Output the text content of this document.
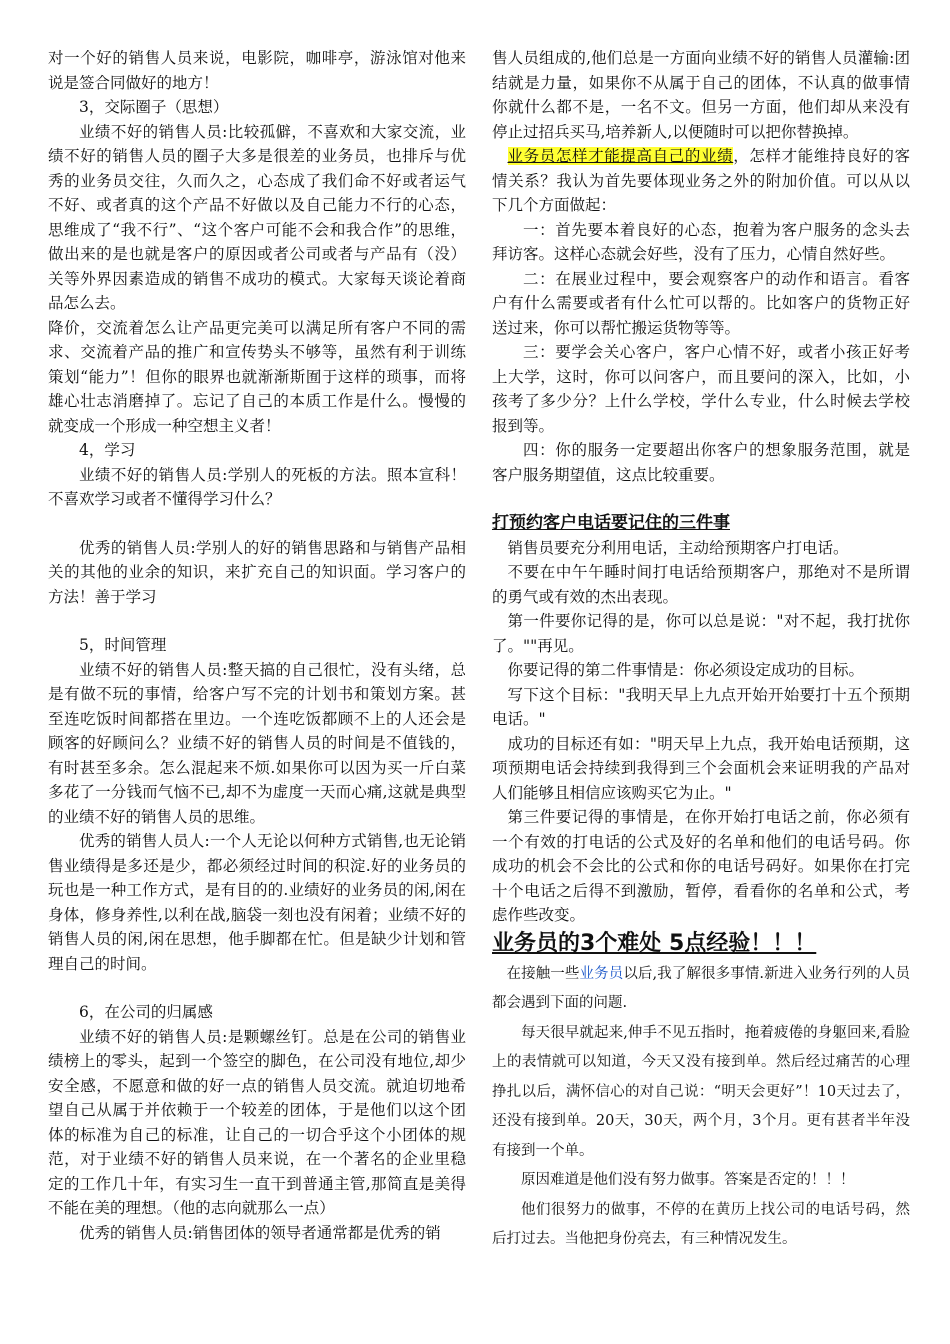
对一个好的销售人员来说，电影院，咖啡亭，游泳馆对他来说是签合同做好的地方！

3，交际圈子（思想）

业绩不好的销售人员:比较孤僻，不喜欢和大家交流，业绩不好的销售人员的圈子大多是很差的业务员，也排斥与优秀的业务员交往，久而久之，心态成了我们命不好或者运气不好、或者真的这个产品不好做以及自己能力不行的心态，思维成了“我不行”、“这个客户可能不会和我合作”的思维，做出来的是也就是客户的原因或者公司或者与产品有（没）关等外界因素造成的销售不成功的模式。大家每天谈论着商品怎么去。

降价，交流着怎么让产品更完美可以满足所有客户不同的需求、交流着产品的推广和宣传势头不够等，虽然有利于训练策划“能力”！但你的眼界也就渐渐斯囿于这样的琐事，而将雄心壮志消磨掉了。忘记了自己的本质工作是什么。慢慢的就变成一个形成一种空想主义者！

4，学习

业绩不好的销售人员:学别人的死板的方法。照本宣科！不喜欢学习或者不懂得学习什么？

优秀的销售人员:学别人的好的销售思路和与销售产品相 关的其他的业余的知识，来扩充自己的知识面。学习客户的方法！善于学习

5，时间管理

业绩不好的销售人员:整天搞的自己很忙，没有头绪，总是有做不玩的事情，给客户写不完的计划书和策划方案。甚至连吃饭时间都搭在里边。一个连吃饭都顾不上的人还会是顾客的好顾问么？业绩不好的销售人员的时间是不值钱的，有时甚至多余。怎么混起来不烦.如果你可以因为买一斤白菜多花了一分钱而气恼不已,却不为虚度一天而心痛,这就是典型的业绩不好的销售人员的思维。

优秀的销售人员人:一个人无论以何种方式销售,也无论销售业绩得是多还是少，都必须经过时间的积淀.好的业务员的玩也是一种工作方式，是有目的的.业绩好的业务员的闲,闲在身体，修身养性,以利在战,脑袋一刻也没有闲着；业绩不好的销售人员的闲,闲在思想，他手脚都在忙。但是缺少计划和管理自己的时间。

6，在公司的归属感

业绩不好的销售人员:是颗螺丝钉。总是在公司的销售业绩榜上的零头，起到一个签空的脚色，在公司没有地位,却少安全感，不愿意和做的好一点的销售人员交流。就迫切地希望自己从属于并依赖于一个较差的团体，于是他们以这个团体的标准为自己的标准，让自己的一切合乎这个小团体的规范，对于业绩不好的销售人员来说，在一个著名的企业里稳定的工作几十年，有实习生一直干到普通主管,那简直是美得不能在美的理想。（他的志向就那么一点）

优秀的销售人员:销售团体的领导者通常都是优秀的销

售人员组成的,他们总是一方面向业绩不好的销售人员灌输:团结就是力量，如果你不从属于自己的团体，不认真的做事情你就什么都不是，一名不文。但另一方面，他们却从来没有停止过招兵买马,培养新人,以便随时可以把你替换掉。

业务员怎样才能提高自己的业绩，怎样才能维持良好的客情关系？我认为首先要体现业务之外的附加价值。可以从以下几个方面做起：

一：首先要本着良好的心态，抱着为客户服务的念头去拜访客。这样心态就会好些，没有了压力，心情自然好些。

二：在展业过程中，要会观察客户的动作和语言。看客户有什么需要或者有什么忙可以帮的。比如客户的货物正好送过来，你可以帮忙搬运货物等等。

三：要学会关心客户，客户心情不好，或者小孩正好考上大学，这时，你可以问客户，而且要问的深入，比如，小孩考了多少分？上什么学校，学什么专业，什么时候去学校报到等。

四：你的服务一定要超出你客户的想象服务范围，就是客户服务期望值，这点比较重要。

打预约客户电话要记住的三件事

销售员要充分利用电话，主动给预期客户打电话。

不要在中午午睡时间打电话给预期客户，那绝对不是所谓的勇气或有效的杰出表现。

第一件要你记得的是，你可以总是说："对不起，我打扰你了。""再见。

你要记得的第二件事情是：你必须设定成功的目标。

写下这个目标："我明天早上九点开始开始要打十五个预期电话。"

成功的目标还有如："明天早上九点，我开始电话预期，这项预期电话会持续到我得到三个会面机会来证明我的产品对人们能够且相信应该购买它为止。"

第三件要记得的事情是，在你开始打电话之前，你必须有一个有效的打电话的公式及好的名单和他们的电话号码。你成功的机会不会比的公式和你的电话号码好。如果你在打完十个电话之后得不到激励，暂停，看看你的名单和公式，考虑作些改变。

业务员的3个难处 5点经验！！！

在接触一些业务员以后,我了解很多事情.新进入业务行列的人员都会遇到下面的问题.

每天很早就起来,伸手不见五指时，拖着疲倦的身躯回来,看脸上的表情就可以知道，今天又没有接到单。然后经过痛苦的心理挣扎以后，满怀信心的对自己说：“明天会更好”！10天过去了，还没有接到单。20天，30天，两个月，3个月。更有甚者半年没有接到一个单。

原因难道是他们没有努力做事。答案是否定的！！！

他们很努力的做事，不停的在黄历上找公司的电话号码，然后打过去。当他把身份亮去，有三种情况发生。
